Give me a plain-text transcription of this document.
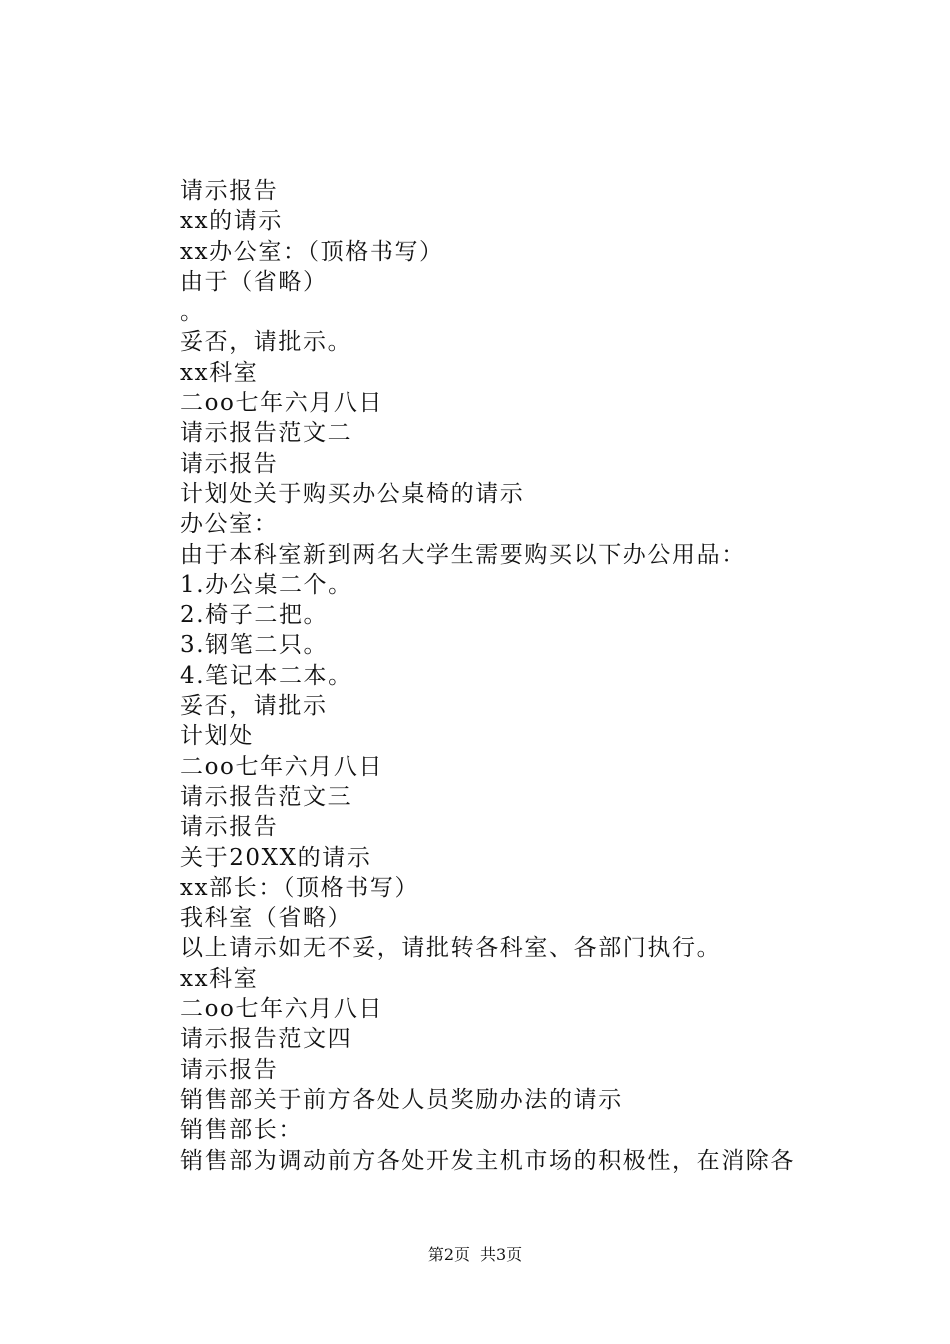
请示报告
xx的请示
xx办公室：（顶格书写）
由于（省略）
。
妥否，请批示。
xx科室
二oo七年六月八日
请示报告范文二
请示报告
计划处关于购买办公桌椅的请示
办公室：
由于本科室新到两名大学生需要购买以下办公用品：
1.办公桌二个。
2.椅子二把。
3.钢笔二只。
4.笔记本二本。
妥否，请批示
计划处
二oo七年六月八日
请示报告范文三
请示报告
关于20XX的请示
xx部长：（顶格书写）
我科室（省略）
以上请示如无不妥，请批转各科室、各部门执行。
xx科室
二oo七年六月八日
请示报告范文四
请示报告
销售部关于前方各处人员奖励办法的请示
销售部长：
销售部为调动前方各处开发主机市场的积极性，在消除各
第2页 共3页
